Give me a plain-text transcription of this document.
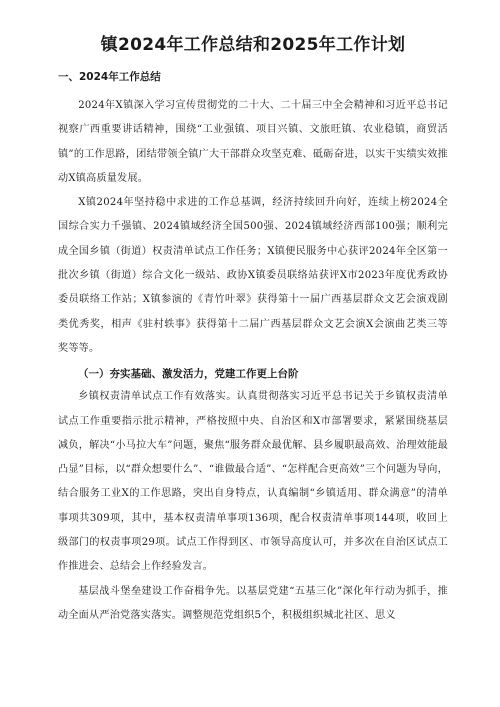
镇2024年工作总结和2025年工作计划
一、2024年工作总结

2024年X镇深入学习宣传贯彻党的二十大、二十届三中全会精神和习近平总书记视察广西重要讲话精神，围绕“工业强镇、项目兴镇、文旅旺镇、农业稳镇，商贸活镇”的工作思路，团结带领全镇广大干部群众攻坚克难、砥砺奋进，以实干实绩实效推动X镇高质量发展。

X镇2024年坚持稳中求进的工作总基调，经济持续回升向好，连续上榜2024全国综合实力千强镇、2024镇域经济全国500强、2024镇域经济西部100强；顺利完成全国乡镇（街道）权责清单试点工作任务；X镇便民服务中心获评2024年全区第一批次乡镇（街道）综合文化一级站、政协X镇委员联络站获评X市2023年度优秀政协委员联络工作站；X镇参演的《青竹叶翠》获得第十一届广西基层群众文艺会演戏剧类优秀奖，相声《驻村轶事》获得第十二届广西基层群众文艺会演X会演曲艺类三等奖等等。

（一）夯实基础、激发活力，党建工作更上台阶

乡镇权责清单试点工作有效落实。认真贯彻落实习近平总书记关于乡镇权责清单试点工作重要指示批示精神，严格按照中央、自治区和X市部署要求，紧紧围绕基层减负，解决“小马拉大车”问题，聚焦“服务群众最优解、县乡履职最高效、治理效能最凸显”目标，以“群众想要什么”、“谁做最合适”、“怎样配合更高效”三个问题为导向，结合服务工业X的工作思路，突出自身特点，认真编制“乡镇适用、群众满意”的清单事项共309项，其中，基本权责清单事项136项，配合权责清单事项144项，收回上级部门的权责事项29项。试点工作得到区、市领导高度认可，并多次在自治区试点工作推进会、总结会上作经验发言。

基层战斗堡垒建设工作奋楫争先。以基层党建“五基三化”深化年行动为抓手，推动全面从严治党落实落实。调整规范党组织5个，积极组织城北社区、思义
